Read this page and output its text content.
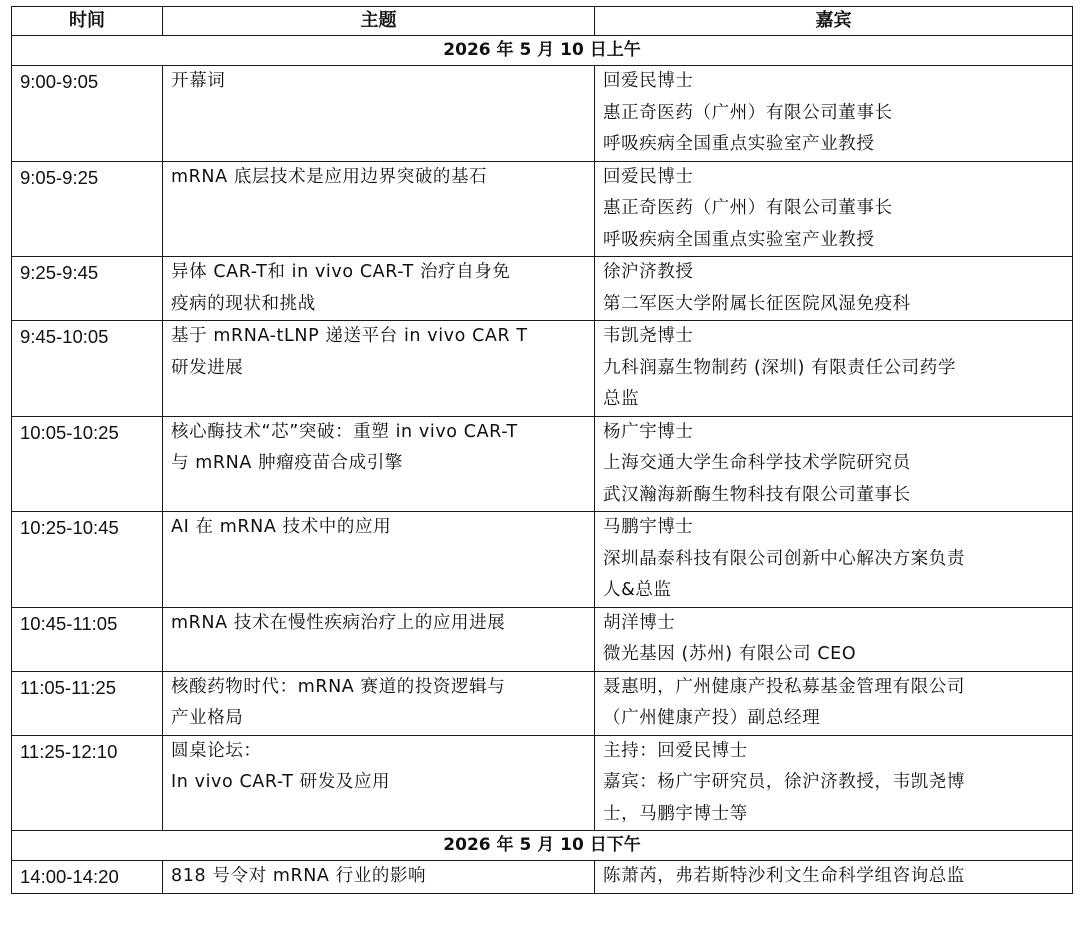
时间	主题	嘉宾
2026 年 5 月 10 日上午		
9:00-9:05	开幕词	回爱民博士
惠正奇医药（广州）有限公司董事长
呼吸疾病全国重点实验室产业教授

9:05-9:25	mRNA 底层技术是应用边界突破的基石	回爱民博士
惠正奇医药（广州）有限公司董事长
呼吸疾病全国重点实验室产业教授

9:25-9:45	异体 CAR-T和 in vivo CAR-T 治疗自身免
疫病的现状和挑战	徐沪济教授
第二军医大学附属长征医院风湿免疫科

9:45-10:05	基于 mRNA-tLNP 递送平台 in vivo CAR T
研发进展	韦凯尧博士
九科润嘉生物制药 (深圳) 有限责任公司药学
总监

10:05-10:25	核心酶技术“芯”突破：重塑 in vivo CAR-T
与 mRNA 肿瘤疫苗合成引擎	杨广宇博士
上海交通大学生命科学技术学院研究员
武汉瀚海新酶生物科技有限公司董事长

10:25-10:45	AI 在 mRNA 技术中的应用	马鹏宇博士
深圳晶泰科技有限公司创新中心解决方案负责
人&总监

10:45-11:05	mRNA 技术在慢性疾病治疗上的应用进展	胡洋博士
微光基因 (苏州) 有限公司 CEO

11:05-11:25	核酸药物时代：mRNA 赛道的投资逻辑与
产业格局	聂惠明，广州健康产投私募基金管理有限公司
（广州健康产投）副总经理

11:25-12:10	圆桌论坛：
In vivo CAR-T 研发及应用	主持：回爱民博士
嘉宾：杨广宇研究员，徐沪济教授，韦凯尧博
士，马鹏宇博士等

2026 年 5 月 10 日下午		
14:00-14:20	818 号令对 mRNA 行业的影响	陈萧芮，弗若斯特沙利文生命科学组咨询总监
